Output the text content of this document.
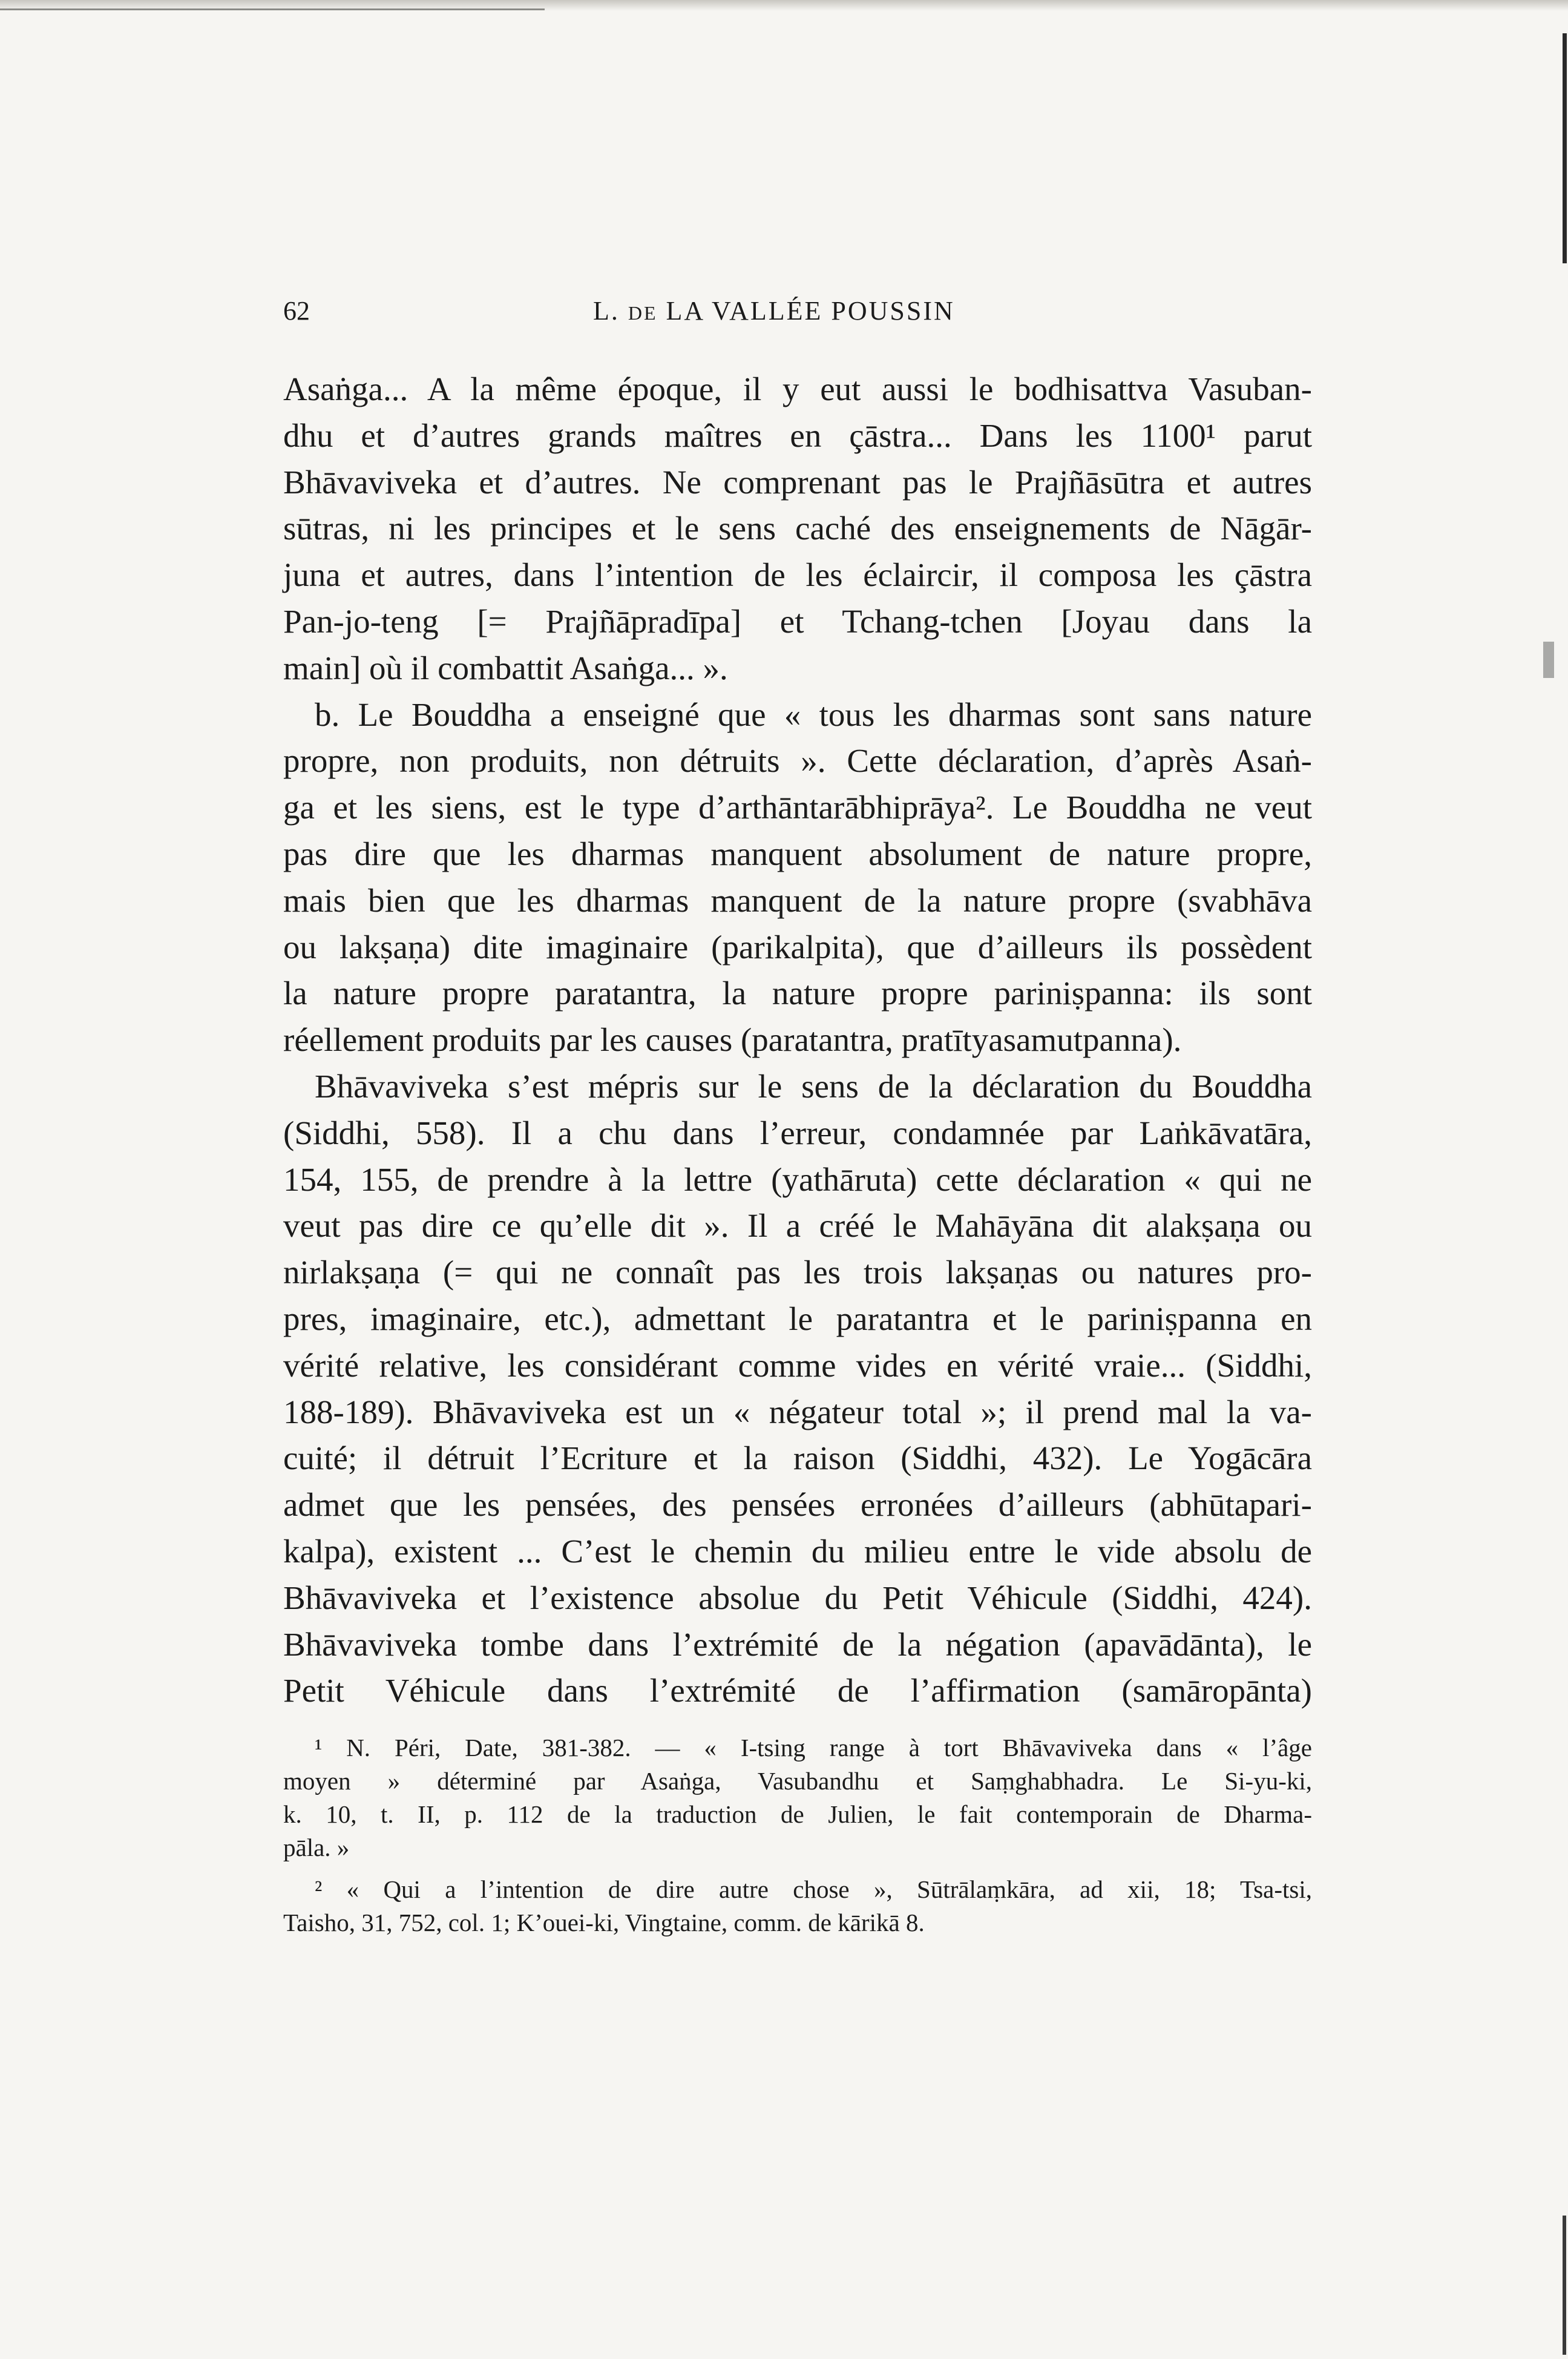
62	L. DE LA VALLÉE POUSSIN
Asaṅga... A la même époque, il y eut aussi le bodhisattva Vasuban-
dhu et d’autres grands maîtres en çāstra... Dans les 1100¹ parut
Bhāvaviveka et d’autres. Ne comprenant pas le Prajñāsūtra et autres
sūtras, ni les principes et le sens caché des enseignements de Nāgār-
juna et autres, dans l’intention de les éclaircir, il composa les çāstra
Pan-jo-teng [= Prajñāpradīpa] et Tchang-tchen [Joyau dans la
main] où il combattit Asaṅga... ».
b. Le Bouddha a enseigné que « tous les dharmas sont sans nature
propre, non produits, non détruits ». Cette déclaration, d’après Asaṅ-
ga et les siens, est le type d’arthāntarābhiprāya². Le Bouddha ne veut
pas dire que les dharmas manquent absolument de nature propre,
mais bien que les dharmas manquent de la nature propre (svabhāva
ou lakṣaṇa) dite imaginaire (parikalpita), que d’ailleurs ils possèdent
la nature propre paratantra, la nature propre pariniṣpanna: ils sont
réellement produits par les causes (paratantra, pratītyasamutpanna).
Bhāvaviveka s’est mépris sur le sens de la déclaration du Bouddha
(Siddhi, 558). Il a chu dans l’erreur, condamnée par Laṅkāvatāra,
154, 155, de prendre à la lettre (yathāruta) cette déclaration « qui ne
veut pas dire ce qu’elle dit ». Il a créé le Mahāyāna dit alakṣaṇa ou
nirlakṣaṇa (= qui ne connaît pas les trois lakṣaṇas ou natures pro-
pres, imaginaire, etc.), admettant le paratantra et le pariniṣpanna en
vérité relative, les considérant comme vides en vérité vraie... (Siddhi,
188-189). Bhāvaviveka est un « négateur total »; il prend mal la va-
cuité; il détruit l’Ecriture et la raison (Siddhi, 432). Le Yogācāra
admet que les pensées, des pensées erronées d’ailleurs (abhūtapari-
kalpa), existent ... C’est le chemin du milieu entre le vide absolu de
Bhāvaviveka et l’existence absolue du Petit Véhicule (Siddhi, 424).
Bhāvaviveka tombe dans l’extrémité de la négation (apavādānta), le
Petit Véhicule dans l’extrémité de l’affirmation (samāropānta)
¹ N. Péri, Date, 381-382. — « I-tsing range à tort Bhāvaviveka dans « l’âge
moyen » déterminé par Asaṅga, Vasubandhu et Saṃghabhadra. Le Si-yu-ki,
k. 10, t. II, p. 112 de la traduction de Julien, le fait contemporain de Dharma-
pāla. »
² « Qui a l’intention de dire autre chose », Sūtrālaṃkāra, ad xii, 18; Tsa-tsi,
Taisho, 31, 752, col. 1; K’ouei-ki, Vingtaine, comm. de kārikā 8.
